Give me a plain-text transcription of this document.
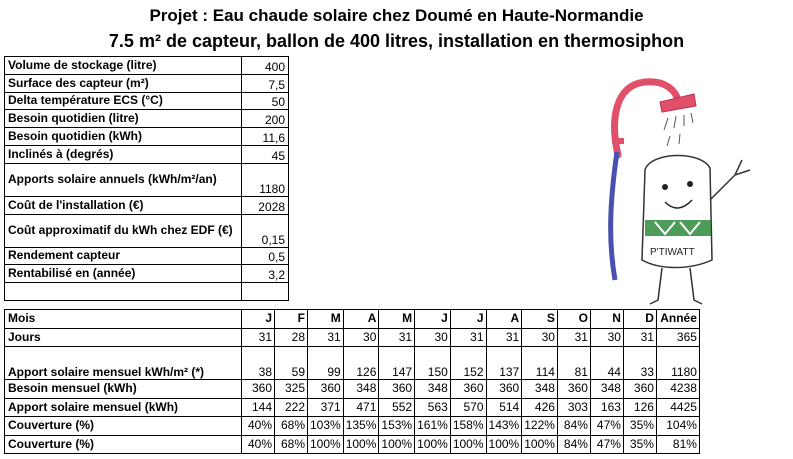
Projet : Eau chaude solaire chez Doumé en Haute-Normandie
7.5 m² de capteur, ballon de 400 litres, installation en thermosiphon
Volume de stockage (litre)	400
Surface des capteur (m²)	7,5
Delta température ECS (°C)	50
Besoin quotidien (litre)	200
Besoin quotidien (kWh)	11,6
Inclinés à (degrés)	45
Apports solaire annuels (kWh/m²/an)	1180
Coût de l'installation (€)	2028
Coût approximatif du kWh chez EDF (€)	0,15
Rendement capteur	0,5
Rentabilisé en (année)	3,2

Mois	J	F	M	A	M	J	J	A	S	O	N	D	Année
Jours	31	28	31	30	31	30	31	31	30	31	30	31	365
Apport solaire mensuel kWh/m² (*)	38	59	99	126	147	150	152	137	114	81	44	33	1180
Besoin mensuel (kWh)	360	325	360	348	360	348	360	360	348	360	348	360	4238
Apport solaire mensuel (kWh)	144	222	371	471	552	563	570	514	426	303	163	126	4425
Couverture (%)	40%	68%	103%	135%	153%	161%	158%	143%	122%	84%	47%	35%	104%
Couverture (%)	40%	68%	100%	100%	100%	100%	100%	100%	100%	84%	47%	35%	81%
P'TIWATT
